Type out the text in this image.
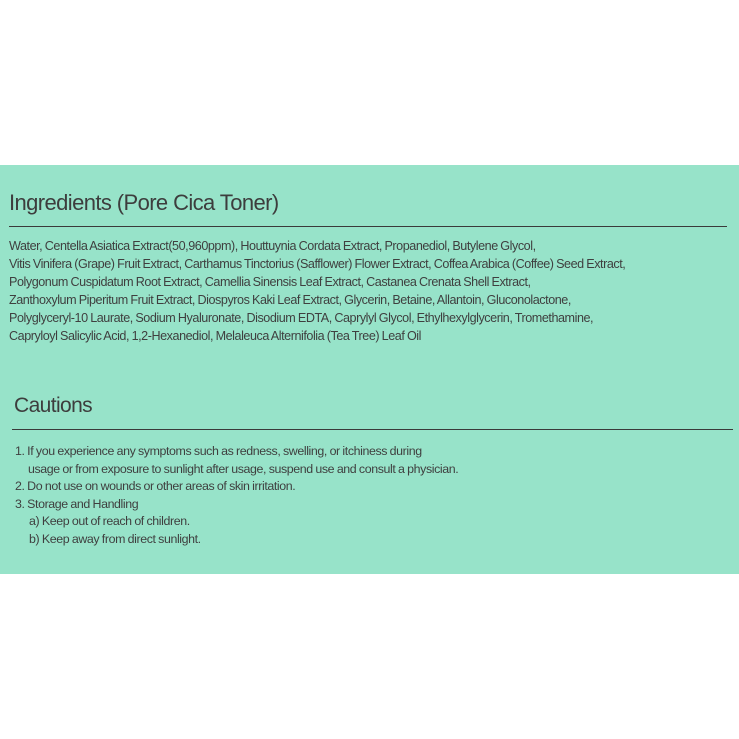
Ingredients (Pore Cica Toner)

Water, Centella Asiatica Extract(50,960ppm), Houttuynia Cordata Extract, Propanediol, Butylene Glycol,
Vitis Vinifera (Grape) Fruit Extract, Carthamus Tinctorius (Safflower) Flower Extract, Coffea Arabica (Coffee) Seed Extract,
Polygonum Cuspidatum Root Extract, Camellia Sinensis Leaf Extract, Castanea Crenata Shell Extract,
Zanthoxylum Piperitum Fruit Extract, Diospyros Kaki Leaf Extract, Glycerin, Betaine, Allantoin, Gluconolactone,
Polyglyceryl-10 Laurate, Sodium Hyaluronate, Disodium EDTA, Caprylyl Glycol, Ethylhexylglycerin, Tromethamine,
Capryloyl Salicylic Acid, 1,2-Hexanediol, Melaleuca Alternifolia (Tea Tree) Leaf Oil

Cautions
1. If you experience any symptoms such as redness, swelling, or itchiness during
usage or from exposure to sunlight after usage, suspend use and consult a physician.
2. Do not use on wounds or other areas of skin irritation.
3. Storage and Handling
a) Keep out of reach of children.
b) Keep away from direct sunlight.
